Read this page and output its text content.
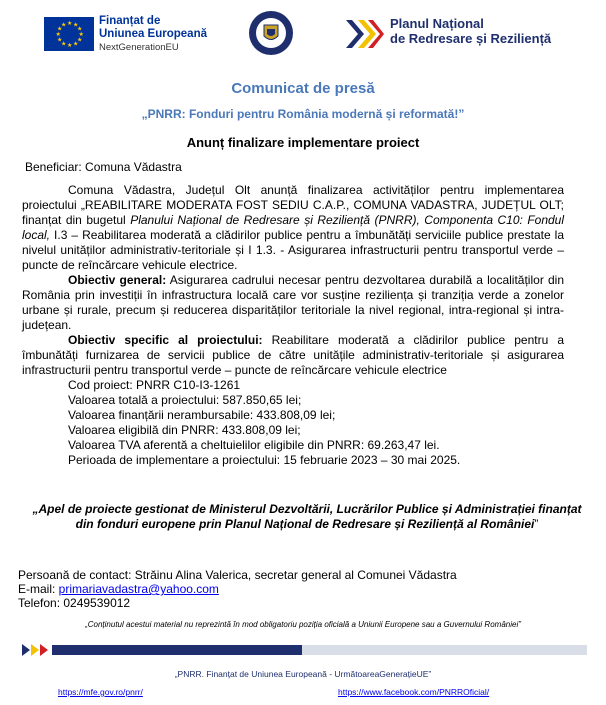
★ ★
★
★
★
★
★
★
★
★
★
★	Finanțat de
Uniunea Europeană
NextGenerationEU
Planul Național
de Redresare și Reziliență
Comunicat de presă
„PNRR: Fonduri pentru România modernă și reformată!”
Anunț finalizare implementare proiect
Beneficiar: Comuna Vădastra

Comuna Vădastra, Județul Olt anunță finalizarea activităților pentru implementarea proiectului „REABILITARE MODERATA FOST SEDIU C.A.P., COMUNA VADASTRA, JUDEȚUL OLT; finanțat din bugetul Planului Național de Redresare și Reziliență (PNRR), Componenta C10: Fondul local, I.3 – Reabilitarea moderată a clădirilor publice pentru a îmbunătăți serviciile publice prestate la nivelul unităților administrativ-teritoriale și I 1.3. - Asigurarea infrastructurii pentru transportul verde – puncte de reîncărcare vehicule electrice.

Obiectiv general: Asigurarea cadrului necesar pentru dezvoltarea durabilă a localităților din România prin investiții în infrastructura locală care vor susține reziliența și tranziția verde a zonelor urbane și rurale, precum și reducerea disparităților teritoriale la nivel regional, intra-regional și intra-județean.

Obiectiv specific al proiectului: Reabilitare moderată a clădirilor publice pentru a îmbunătăți furnizarea de servicii publice de către unitățile administrativ-teritoriale și asigurarea infrastructurii pentru transportul verde – puncte de reîncărcare vehicule electrice

Cod proiect: PNRR C10-I3-1261
Valoarea totală a proiectului: 587.850,65 lei;
Valoarea finanțării nerambursabile: 433.808,09 lei;
Valoarea eligibilă din PNRR: 433.808,09 lei;
Valoarea TVA aferentă a cheltuielilor eligibile din PNRR: 69.263,47 lei.
Perioada de implementare a proiectului: 15 februarie 2023 – 30 mai 2025.
„Apel de proiecte gestionat de Ministerul Dezvoltării, Lucrărilor Publice și Administrației finanțat din fonduri europene prin Planul Național de Redresare și Reziliență al României”
Persoană de contact: Străinu Alina Valerica, secretar general al Comunei Vădastra
E-mail: primariavadastra@yahoo.com
Telefon: 0249539012
„Conținutul acestui material nu reprezintă în mod obligatoriu poziția oficială a Uniunii Europene sau a Guvernului României”
„PNRR. Finanțat de Uniunea Europeană - UrmătoareaGenerațieUE”
https://mfe.gov.ro/pnrr/	https://www.facebook.com/PNRROficial/
